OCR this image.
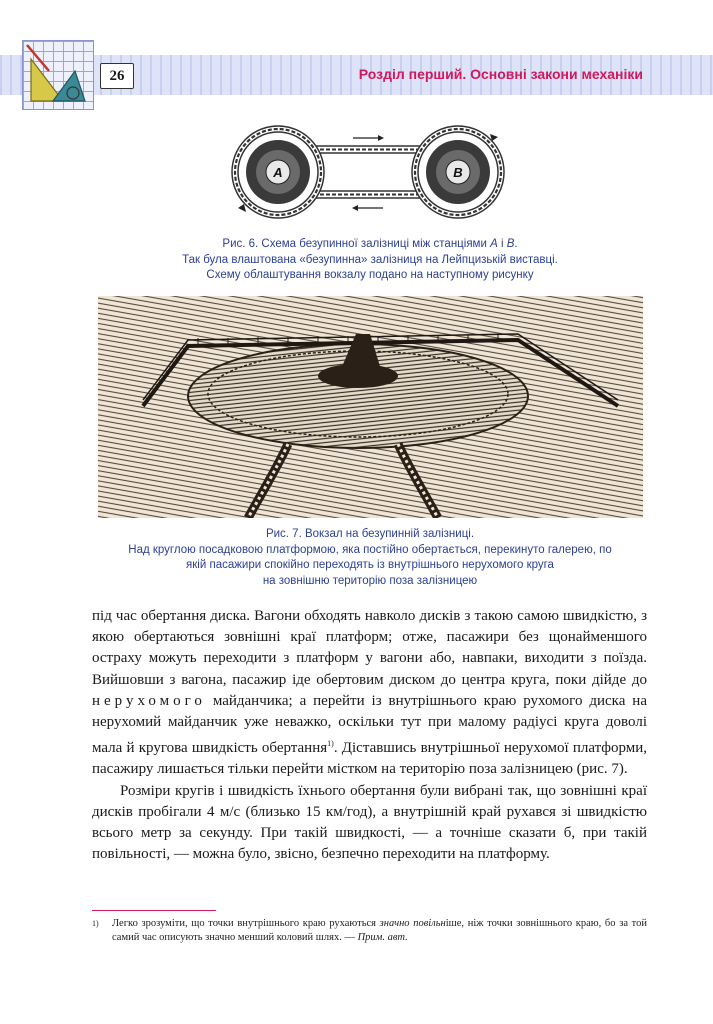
26	Розділ перший. Основні закони механіки
A	B
Рис. 6. Схема безупинної залізниці між станціями A і B.
Так була влаштована «безупинна» залізниця на Лейпцизькій виставці.
Схему облаштування вокзалу подано на наступному рисунку
Рис. 7. Вокзал на безупинній залізниці.
Над круглою посадковою платформою, яка постійно обертається, перекинуто галерею, по
якій пасажири спокійно переходять із внутрішнього нерухомого круга
на зовнішню територію поза залізницею

під час обертання диска. Вагони обходять навколо дисків з такою самою швидкістю, з якою обертаються зовнішні краї платформ; отже, пасажири без щонайменшого остраху можуть переходити з платформ у вагони або, навпаки, виходити з поїзда. Вийшовши з вагона, пасажир іде обертовим диском до центра круга, поки дійде до нерухомого майданчика; а перейти із внутрішнього краю рухомого диска на нерухомий майданчик уже неважко, оскільки тут при малому радіусі круга доволі мала й кругова швидкість обертання$^{1)}$. Діставшись внутрішньої нерухомої платформи, пасажиру лишається тільки перейти містком на територію поза залізницею (рис. 7).

Розміри кругів і швидкість їхнього обертання були вибрані так, що зовнішні краї дисків пробігали 4 м/с (близько 15 км/год), а внутрішній край рухався зі швидкістю всього метр за секунду. При такій швидкості, — а точніше сказати б, при такій повільності, — можна було, звісно, безпечно переходити на платформу.

1) Легко зрозуміти, що точки внутрішнього краю рухаються значно повільніше, ніж точки зовнішнього краю, бо за той самий час описують значно менший коловий шлях. — Прим. авт.
